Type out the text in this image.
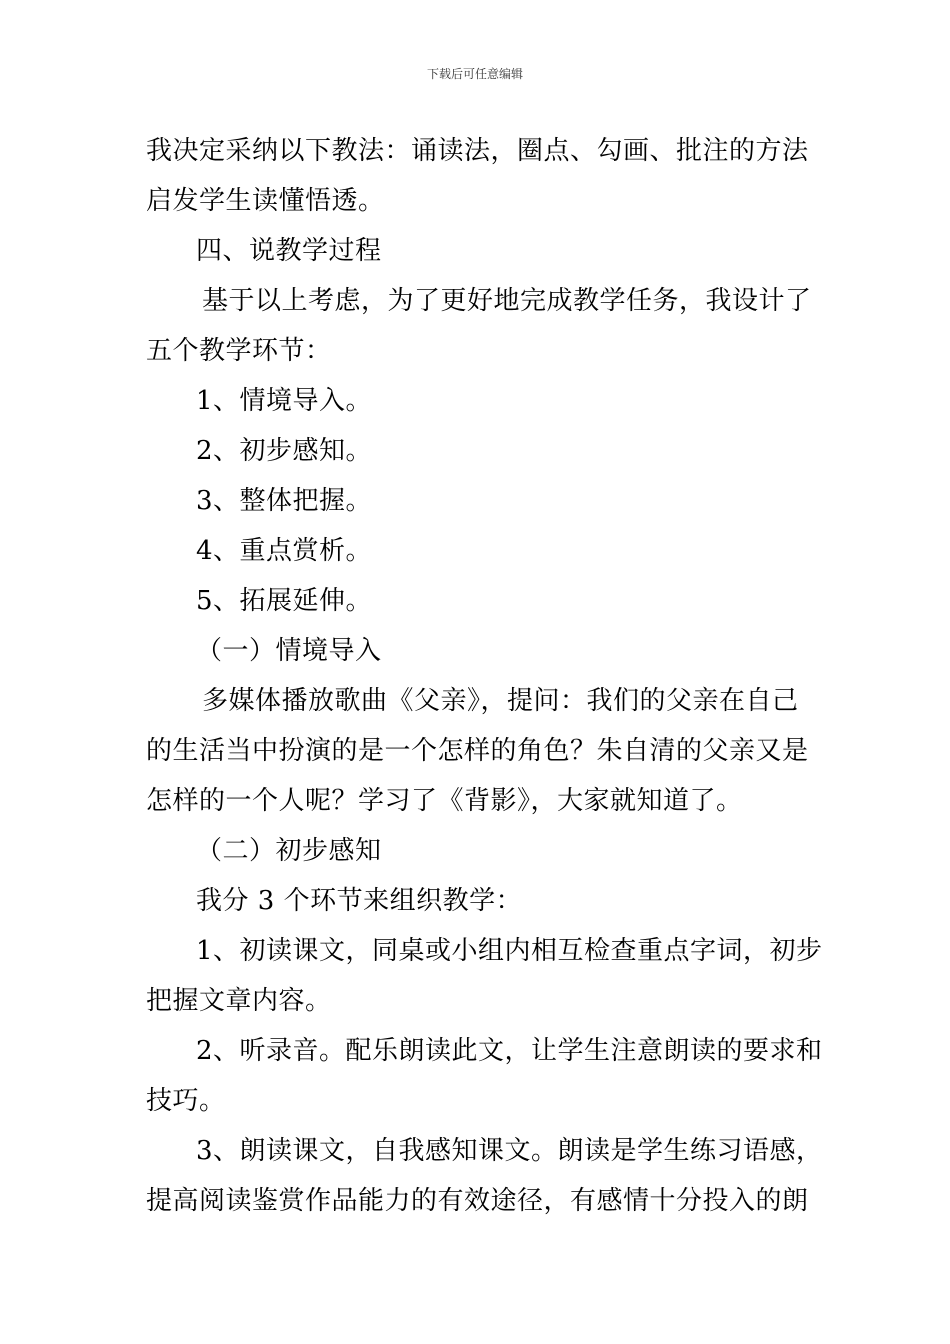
下载后可任意编辑

我决定采纳以下教法：诵读法，圈点、勾画、批注的方法

启发学生读懂悟透。

四、说教学过程

基于以上考虑，为了更好地完成教学任务，我设计了

五个教学环节：

1、情境导入。

2、初步感知。

3、整体把握。

4、重点赏析。

5、拓展延伸。

（一）情境导入

多媒体播放歌曲《父亲》，提问：我们的父亲在自己

的生活当中扮演的是一个怎样的角色？朱自清的父亲又是

怎样的一个人呢？学习了《背影》，大家就知道了。

（二）初步感知

我分 3 个环节来组织教学：

1、初读课文，同桌或小组内相互检查重点字词，初步

把握文章内容。

2、听录音。配乐朗读此文，让学生注意朗读的要求和

技巧。

3、朗读课文，自我感知课文。朗读是学生练习语感，

提高阅读鉴赏作品能力的有效途径，有感情十分投入的朗
